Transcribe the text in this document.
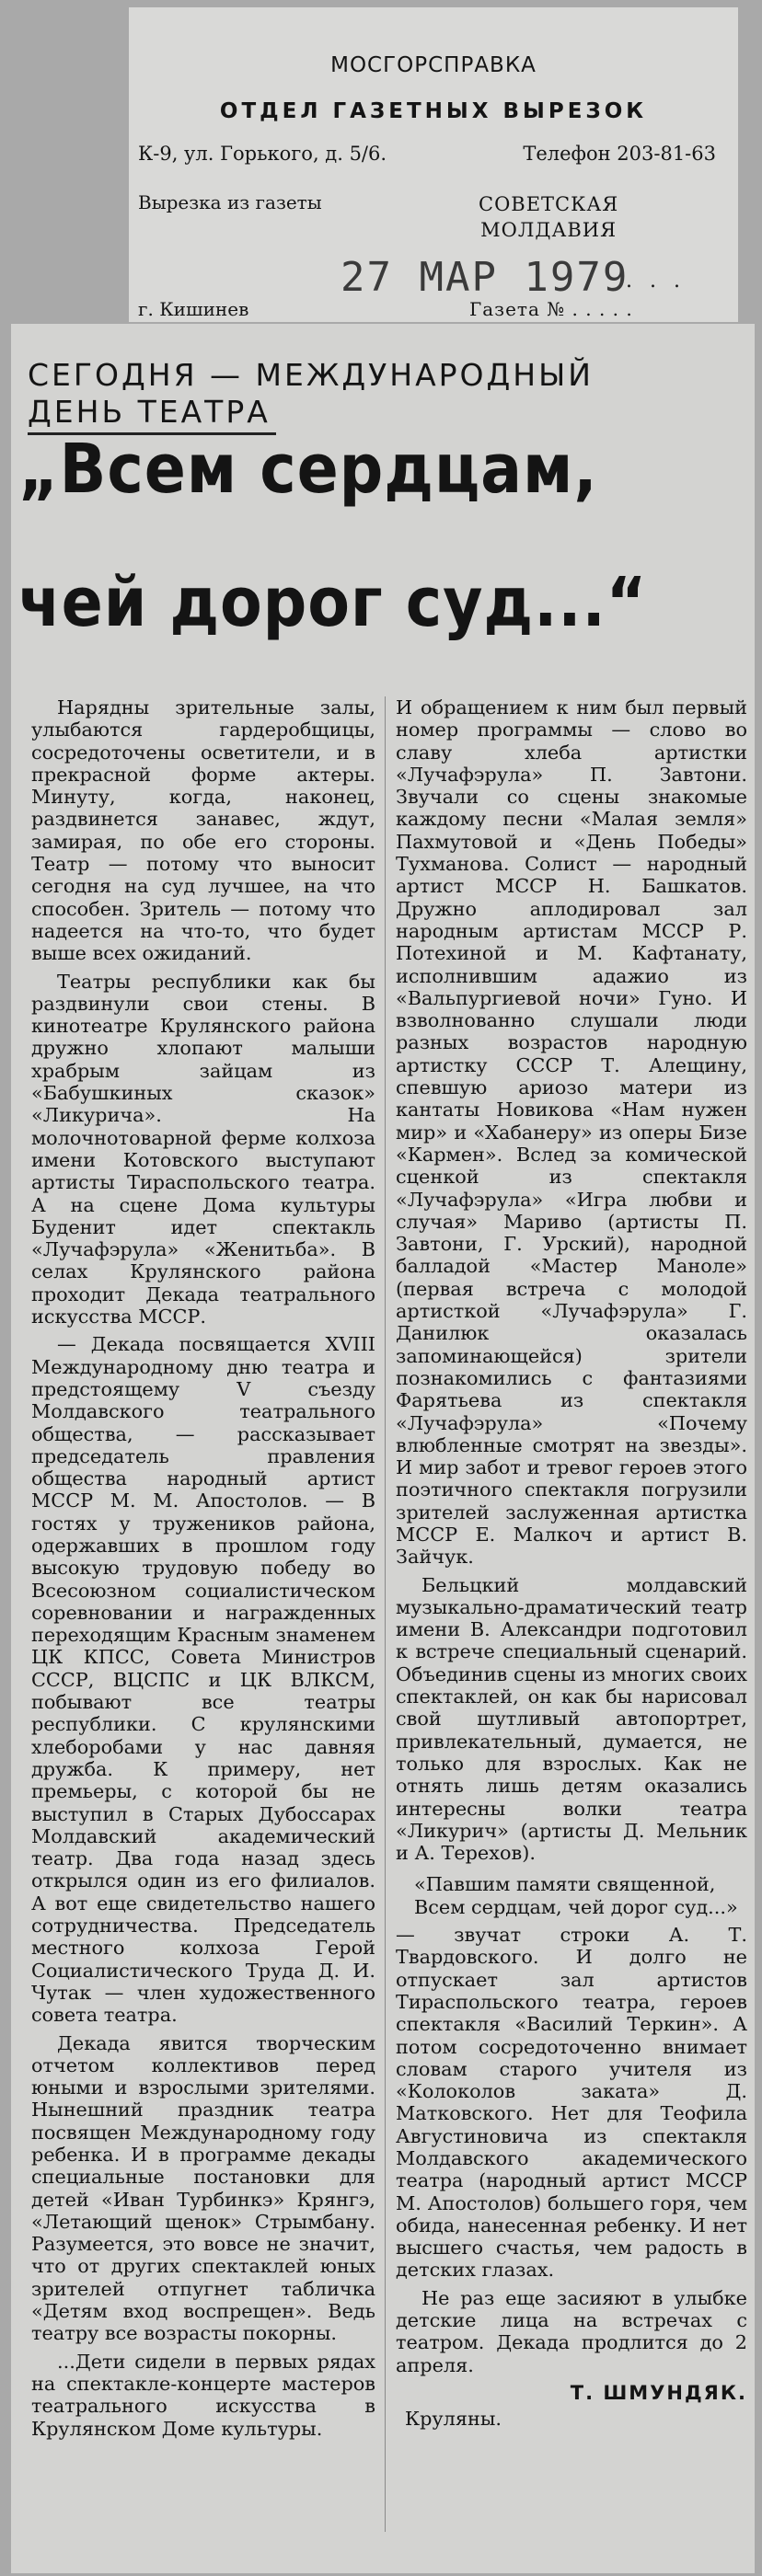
МОСГОРСПРАВКА
ОТДЕЛ ГАЗЕТНЫХ ВЫРЕЗОК
К-9, ул. Горького, д. 5/6.	Телефон 203-81-63
Вырезка из газеты	СОВЕТСКАЯ
МОЛДАВИЯ
27 МАР 1979
. . .
г. Кишинев	Газета № . . . . .
СЕГОДНЯ — МЕЖДУНАРОДНЫЙ
ДЕНЬ ТЕАТРА
„Всем сердцам,
чей дорог суд...“

Нарядны зрительные залы, улыбаются гардеробщицы, сосредоточены осветители, и в прекрасной форме актеры. Минуту, когда, наконец, раздвинется занавес, ждут, замирая, по обе его стороны. Театр — потому что выносит сегодня на суд лучшее, на что способен. Зритель — потому что надеется на что-то, что будет выше всех ожиданий.

Театры республики как бы раздвинули свои стены. В кинотеатре Крулянского района дружно хлопают малыши храбрым зайцам из «Бабушкиных сказок» «Ликурича». На молочнотоварной ферме колхоза имени Котовского выступают артисты Тираспольского театра. А на сцене Дома культуры Буденит идет спектакль «Лучафэрула» «Женитьба». В селах Крулянского района проходит Декада театрального искусства МССР.

— Декада посвящается XVIII Международному дню театра и предстоящему V съезду Молдавского театрального общества, — рассказывает председатель правления общества народный артист МССР М. М. Апостолов. — В гостях у тружеников района, одержавших в прошлом году высокую трудовую победу во Всесоюзном социалистическом соревновании и награжденных переходящим Красным знаменем ЦК КПСС, Совета Министров СССР, ВЦСПС и ЦК ВЛКСМ, побывают все театры республики. С крулянскими хлеборобами у нас давняя дружба. К примеру, нет премьеры, с которой бы не выступил в Старых Дубоссарах Молдавский академический театр. Два года назад здесь открылся один из его филиалов. А вот еще свидетельство нашего сотрудничества. Председатель местного колхоза Герой Социалистического Труда Д. И. Чутак — член художественного совета театра.

Декада явится творческим отчетом коллективов перед юными и взрослыми зрителями. Нынешний праздник театра посвящен Международному году ребенка. И в программе декады специальные постановки для детей «Иван Турбинкэ» Крянгэ, «Летающий щенок» Стрымбану. Разумеется, это вовсе не значит, что от других спектаклей юных зрителей отпугнет табличка «Детям вход воспрещен». Ведь театру все возрасты покорны.

...Дети сидели в первых рядах на спектакле-концерте мастеров театрального искусства в Крулянском Доме культуры.

И обращением к ним был первый номер программы — слово во славу хлеба артистки «Лучафэрула» П. Завтони. Звучали со сцены знакомые каждому песни «Малая земля» Пахмутовой и «День Победы» Тухманова. Солист — народный артист МССР Н. Башкатов. Дружно аплодировал зал народным артистам МССР Р. Потехиной и М. Кафтанату, исполнившим адажио из «Вальпургиевой ночи» Гуно. И взволнованно слушали люди разных возрастов народную артистку СССР Т. Алещину, спевшую ариозо матери из кантаты Новикова «Нам нужен мир» и «Хабанеру» из оперы Бизе «Кармен». Вслед за комической сценкой из спектакля «Лучафэрула» «Игра любви и случая» Мариво (артисты П. Завтони, Г. Урский), народной балладой «Мастер Маноле» (первая встреча с молодой артисткой «Лучафэрула» Г. Данилюк оказалась запоминающейся) зрители познакомились с фантазиями Фарятьева из спектакля «Лучафэрула» «Почему влюбленные смотрят на звезды». И мир забот и тревог героев этого поэтичного спектакля погрузили зрителей заслуженная артистка МССР Е. Малкоч и артист В. Зайчук.

Бельцкий молдавский музыкально-драматический театр имени В. Александри подготовил к встрече специальный сценарий. Объединив сцены из многих своих спектаклей, он как бы нарисовал свой шутливый автопортрет, привлекательный, думается, не только для взрослых. Как не отнять лишь детям оказались интересны волки театра «Ликурич» (артисты Д. Мельник и А. Терехов).

«Павшим памяти священной, Всем сердцам, чей дорог суд...»

— звучат строки А. Т. Твардовского. И долго не отпускает зал артистов Тираспольского театра, героев спектакля «Василий Теркин». А потом сосредоточенно внимает словам старого учителя из «Колоколов заката» Д. Матковского. Нет для Теофила Августиновича из спектакля Молдавского академического театра (народный артист МССР М. Апостолов) большего горя, чем обида, нанесенная ребенку. И нет высшего счастья, чем радость в детских глазах.

Не раз еще засияют в улыбке детские лица на встречах с театром. Декада продлится до 2 апреля.

Т. ШМУНДЯК.

Круляны.
